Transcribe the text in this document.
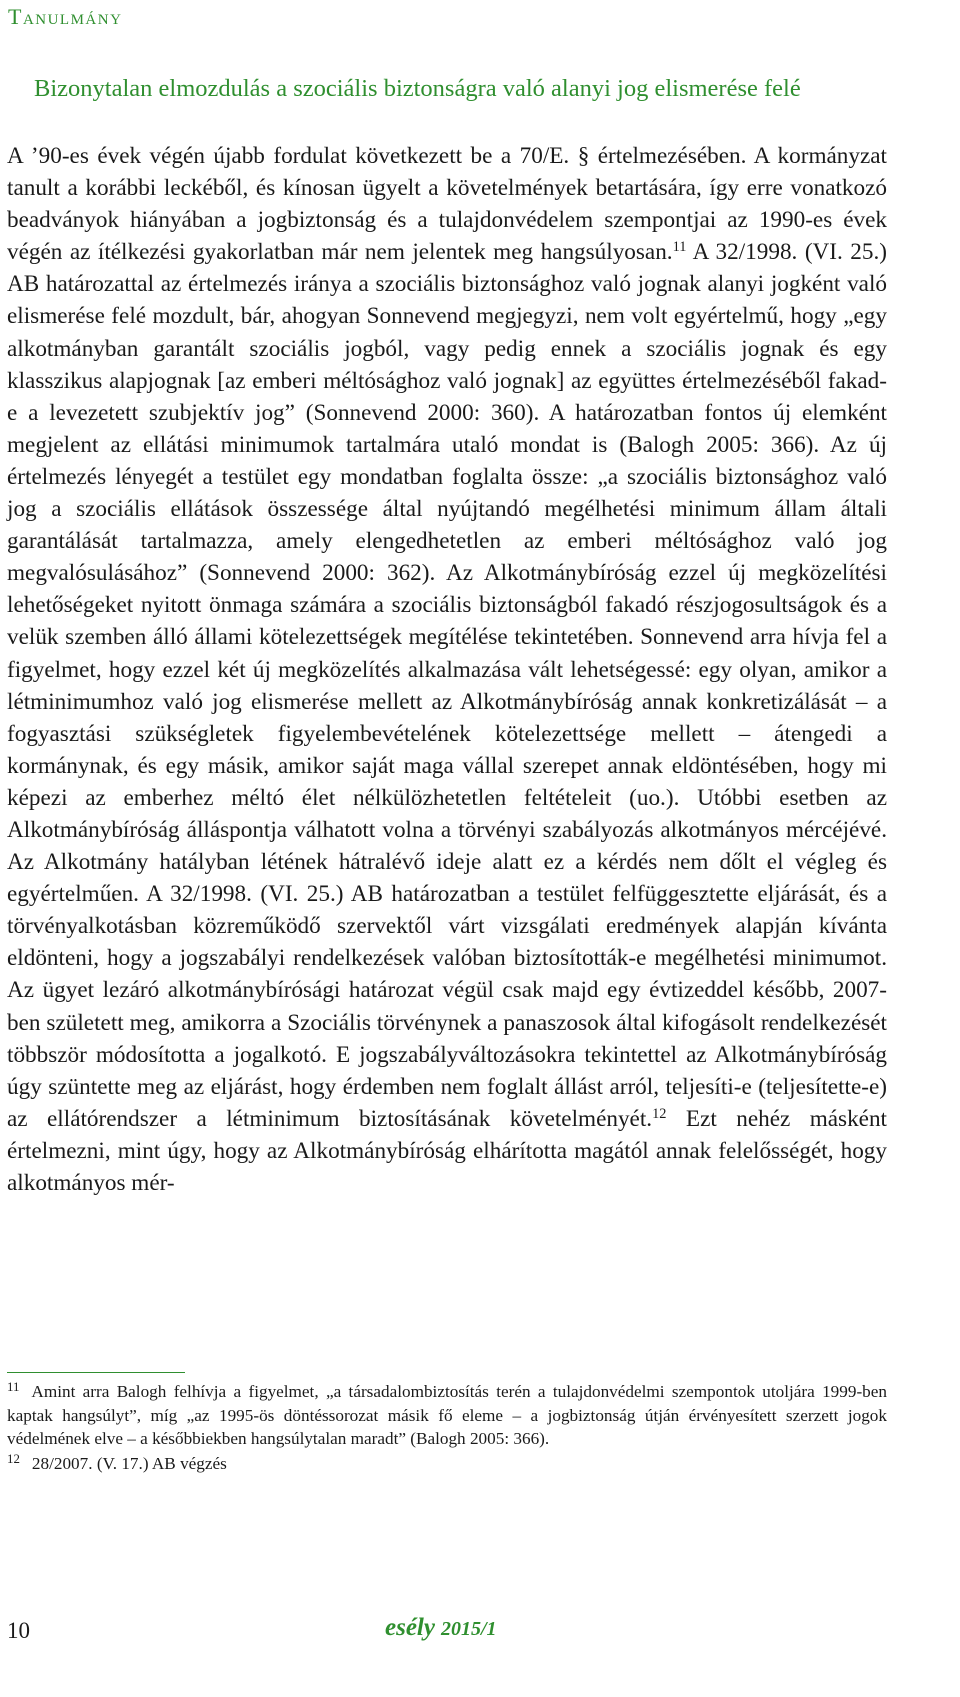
Tanulmány
Bizonytalan elmozdulás a szociális biztonságra való alanyi jog elismerése felé

A ’90-es évek végén újabb fordulat következett be a 70/E. § értelmezésében. A kormányzat tanult a korábbi leckéből, és kínosan ügyelt a követelmények betartására, így erre vonatkozó beadványok hiányában a jogbiztonság és a tulajdonvédelem szempontjai az 1990-es évek végén az ítélkezési gyakorlatban már nem jelentek meg hangsúlyosan.$^{11}$ A 32/1998. (VI. 25.) AB határozattal az értelmezés iránya a szociális biztonsághoz való jognak alanyi jogként való elismerése felé mozdult, bár, ahogyan Sonnevend megjegyzi, nem volt egyértelmű, hogy „egy alkotmányban garantált szociális jogból, vagy pedig ennek a szociális jognak és egy klasszikus alapjognak [az emberi méltósághoz való jognak] az együttes értelmezéséből fakad-e a levezetett szubjektív jog” (Sonnevend 2000: 360). A határozatban fontos új elemként megjelent az ellátási minimumok tartalmára utaló mondat is (Balogh 2005: 366). Az új értelmezés lényegét a testület egy mondatban foglalta össze: „a szociális biztonsághoz való jog a szociális ellátások összessége által nyújtandó megélhetési minimum állam általi garantálását tartalmazza, amely elengedhetetlen az emberi méltósághoz való jog megvalósulásához” (Sonnevend 2000: 362). Az Alkotmánybíróság ezzel új megközelítési lehetőségeket nyitott önmaga számára a szociális biztonságból fakadó részjogosultságok és a velük szemben álló állami kötelezettségek megítélése tekintetében. Sonnevend arra hívja fel a figyelmet, hogy ezzel két új megközelítés alkalmazása vált lehetségessé: egy olyan, amikor a létminimumhoz való jog elismerése mellett az Alkotmánybíróság annak konkretizálását – a fogyasztási szükségletek figyelembevételének kötelezettsége mellett – átengedi a kormánynak, és egy másik, amikor saját maga vállal szerepet annak eldöntésében, hogy mi képezi az emberhez méltó élet nélkülözhetetlen feltételeit (uo.). Utóbbi esetben az Alkotmánybíróság álláspontja válhatott volna a törvényi szabályozás alkotmányos mércéjévé. Az Alkotmány hatályban létének hátralévő ideje alatt ez a kérdés nem dőlt el végleg és egyértelműen. A 32/1998. (VI. 25.) AB határozatban a testület felfüggesztette eljárását, és a törvényalkotásban közreműködő szervektől várt vizsgálati eredmények alapján kívánta eldönteni, hogy a jogszabályi rendelkezések valóban biztosították-e megélhetési minimumot. Az ügyet lezáró alkotmánybírósági határozat végül csak majd egy évtizeddel később, 2007-ben született meg, amikorra a Szociális törvénynek a panaszosok által kifogásolt rendelkezését többször módosította a jogalkotó. E jogszabályváltozásokra tekintettel az Alkotmánybíróság úgy szüntette meg az eljárást, hogy érdemben nem foglalt állást arról, teljesíti-e (teljesítette-e) az ellátórendszer a létminimum biztosításának követelményét.$^{12}$ Ezt nehéz másként értelmezni, mint úgy, hogy az Alkotmánybíróság elhárította magától annak felelősségét, hogy alkotmányos mér-

$^{11}$ Amint arra Balogh felhívja a figyelmet, „a társadalombiztosítás terén a tulajdonvédelmi szempontok utoljára 1999-ben kaptak hangsúlyt”, míg „az 1995-ös döntéssorozat másik fő eleme – a jogbiztonság útján érvényesített szerzett jogok védelmének elve – a későbbiekben hangsúlytalan maradt” (Balogh 2005: 366).

$^{12}$ 28/2007. (V. 17.) AB végzés

10	esély 2015/1
